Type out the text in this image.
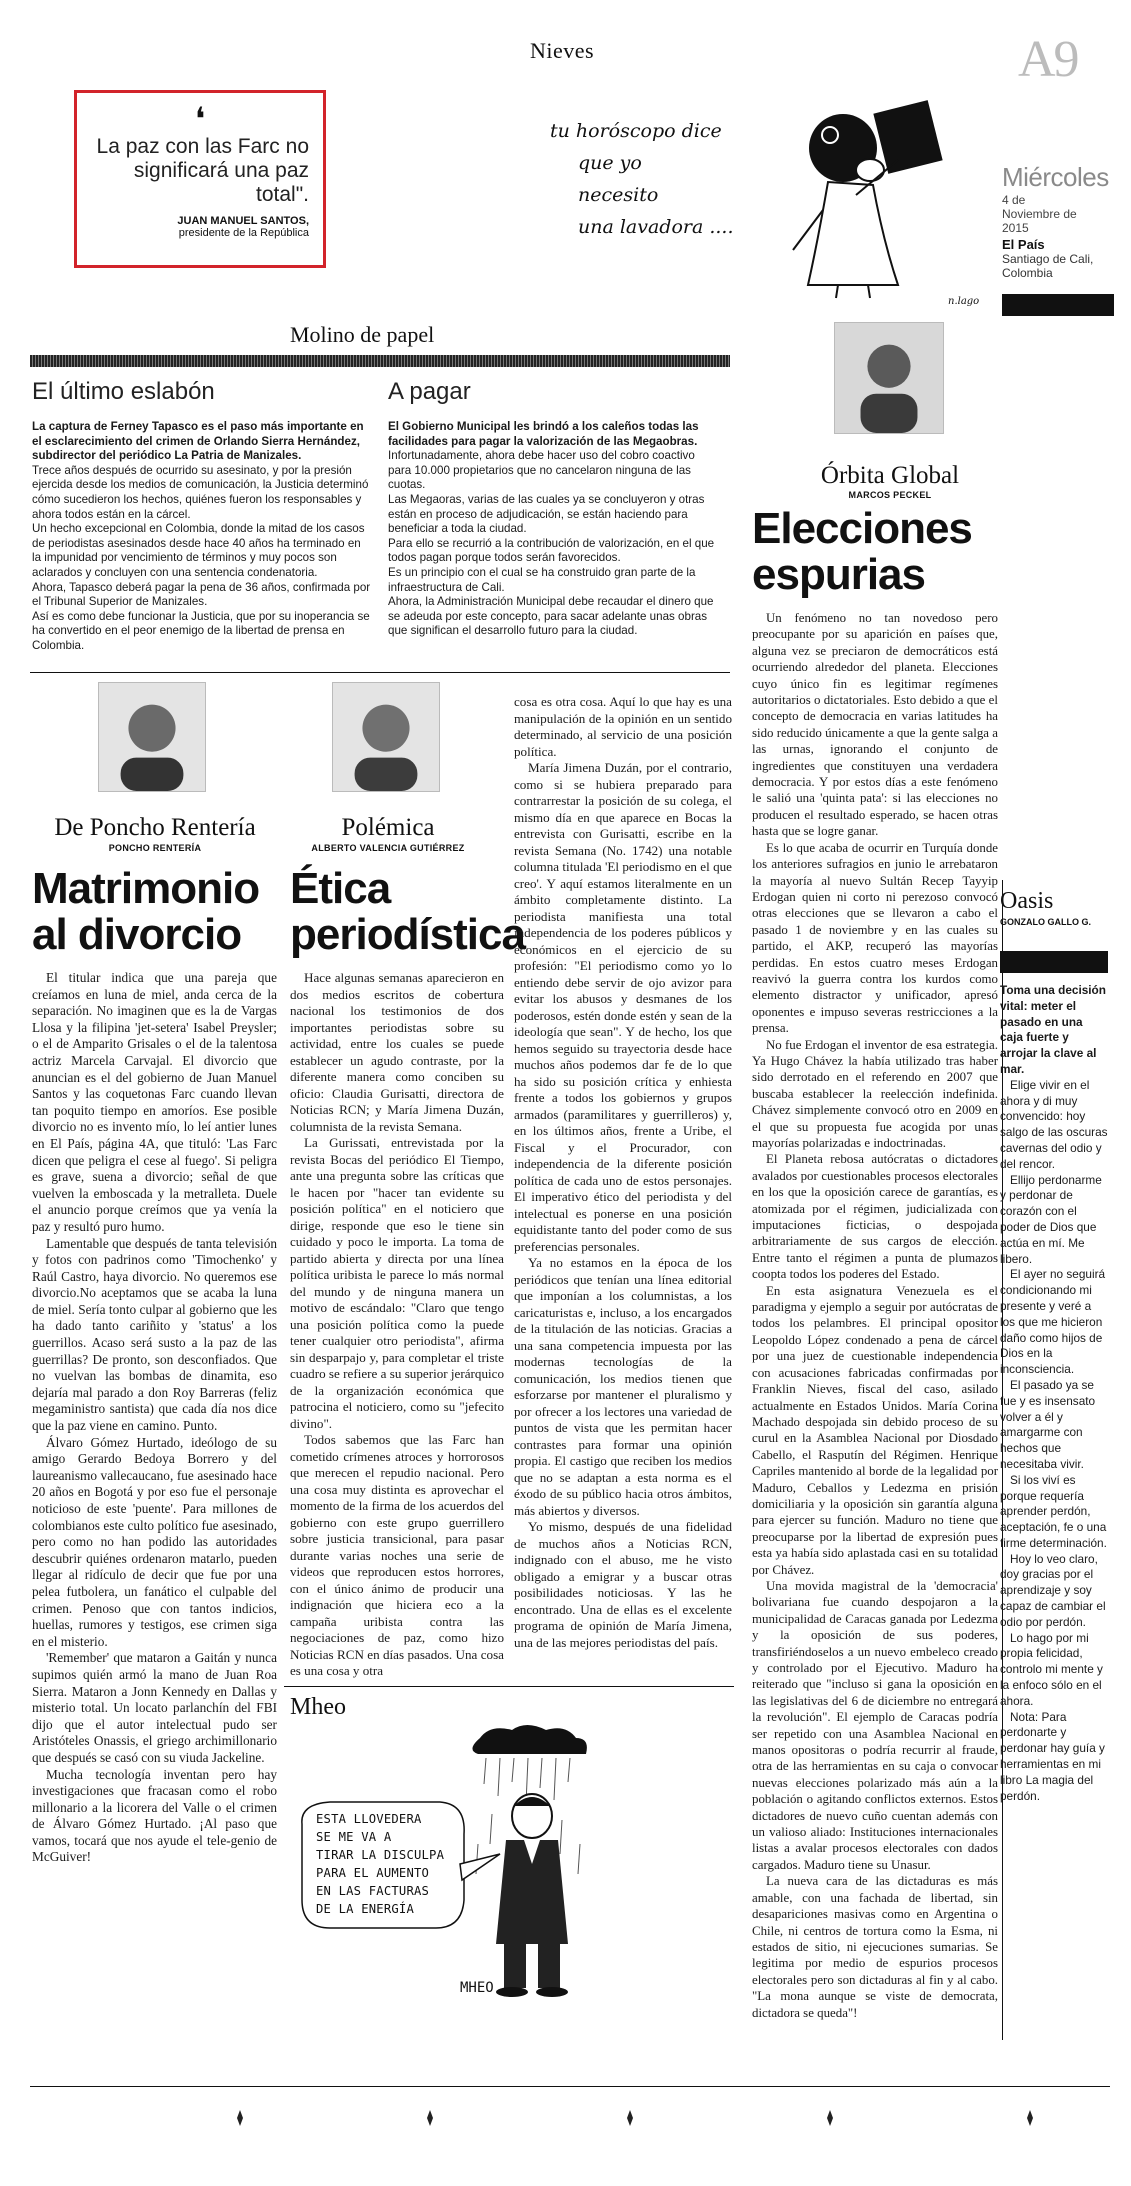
Nieves	A9
Miércoles
4 de Noviembre de 2015
El País
Santiago de Cali, Colombia
❛
La paz con las Farc no significará una paz total".
JUAN MANUEL SANTOS,
presidente de la República
tu horóscopo dice
que yo
necesito
una lavadora ....
n.lago
Molino de papel
El último eslabón

La captura de Ferney Tapasco es el paso más importante en el esclarecimiento del crimen de Orlando Sierra Hernández, subdirector del periódico La Patria de Manizales.

Trece años después de ocurrido su asesinato, y por la presión ejercida desde los medios de comunicación, la Justicia determinó cómo sucedieron los hechos, quiénes fueron los responsables y ahora todos están en la cárcel.

Un hecho excepcional en Colombia, donde la mitad de los casos de periodistas asesinados desde hace 40 años ha terminado en la impunidad por vencimiento de términos y muy pocos son aclarados y concluyen con una sentencia condenatoria.

Ahora, Tapasco deberá pagar la pena de 36 años, confirmada por el Tribunal Superior de Manizales.

Así es como debe funcionar la Justicia, que por su inoperancia se ha convertido en el peor enemigo de la libertad de prensa en Colombia.

A pagar

El Gobierno Municipal les brindó a los caleños todas las facilidades para pagar la valorización de las Megaobras.

Infortunadamente, ahora debe hacer uso del cobro coactivo para 10.000 propietarios que no cancelaron ninguna de las cuotas.

Las Megaoras, varias de las cuales ya se concluyeron y otras están en proceso de adjudicación, se están haciendo para beneficiar a toda la ciudad.

Para ello se recurrió a la contribución de valorización, en el que todos pagan porque todos serán favorecidos.

Es un principio con el cual se ha construido gran parte de la infraestructura de Cali.

Ahora, la Administración Municipal debe recaudar el dinero que se adeuda por este concepto, para sacar adelante unas obras que significan el desarrollo futuro para la ciudad.

Órbita Global
MARCOS PECKEL
Elecciones
espurias

Un fenómeno no tan novedoso pero preocupante por su aparición en países que, alguna vez se preciaron de democráticos está ocurriendo alrededor del planeta. Elecciones cuyo único fin es legitimar regímenes autoritarios o dictatoriales. Esto debido a que el concepto de democracia en varias latitudes ha sido reducido únicamente a que la gente salga a las urnas, ignorando el conjunto de ingredientes que constituyen una verdadera democracia. Y por estos días a este fenómeno le salió una 'quinta pata': si las elecciones no producen el resultado esperado, se hacen otras hasta que se logre ganar.

Es lo que acaba de ocurrir en Turquía donde los anteriores sufragios en junio le arrebataron la mayoría al nuevo Sultán Recep Tayyip Erdogan quien ni corto ni perezoso convocó otras elecciones que se llevaron a cabo el pasado 1 de noviembre y en las cuales su partido, el AKP, recuperó las mayorías perdidas. En estos cuatro meses Erdogan reavivó la guerra contra los kurdos como elemento distractor y unificador, apresó oponentes e impuso severas restricciones a la prensa.

No fue Erdogan el inventor de esa estrategia. Ya Hugo Chávez la había utilizado tras haber sido derrotado en el referendo en 2007 que buscaba establecer la reelección indefinida. Chávez simplemente convocó otro en 2009 en el que su propuesta fue acogida por unas mayorías polarizadas e indoctrinadas.

El Planeta rebosa autócratas o dictadores avalados por cuestionables procesos electorales en los que la oposición carece de garantías, es atomizada por el régimen, judicializada con imputaciones ficticias, o despojada arbitrariamente de sus cargos de elección. Entre tanto el régimen a punta de plumazos coopta todos los poderes del Estado.

En esta asignatura Venezuela es el paradigma y ejemplo a seguir por autócratas de todos los pelambres. El principal opositor Leopoldo López condenado a pena de cárcel por una juez de cuestionable independencia con acusaciones fabricadas confirmadas por Franklin Nieves, fiscal del caso, asilado actualmente en Estados Unidos. María Corina Machado despojada sin debido proceso de su curul en la Asamblea Nacional por Diosdado Cabello, el Rasputín del Régimen. Henrique Capriles mantenido al borde de la legalidad por Maduro, Ceballos y Ledezma en prisión domiciliaria y la oposición sin garantía alguna para ejercer su función. Maduro no tiene que preocuparse por la libertad de expresión pues esta ya había sido aplastada casi en su totalidad por Chávez.

Una movida magistral de la 'democracia' bolivariana fue cuando despojaron a la municipalidad de Caracas ganada por Ledezma y la oposición de sus poderes, transfiriéndoselos a un nuevo embeleco creado y controlado por el Ejecutivo. Maduro ha reiterado que "incluso si gana la oposición en las legislativas del 6 de diciembre no entregará la revolución". El ejemplo de Caracas podría ser repetido con una Asamblea Nacional en manos opositoras o podría recurrir al fraude, otra de las herramientas en su caja o convocar nuevas elecciones polarizado más aún a la población o agitando conflictos externos. Estos dictadores de nuevo cuño cuentan además con un valioso aliado: Instituciones internacionales listas a avalar procesos electorales con dados cargados. Maduro tiene su Unasur.

La nueva cara de las dictaduras es más amable, con una fachada de libertad, sin desapariciones masivas como en Argentina o Chile, ni centros de tortura como la Esma, ni estados de sitio, ni ejecuciones sumarias. Se legitima por medio de espurios procesos electorales pero son dictaduras al fin y al cabo. "La mona aunque se viste de democrata, dictadora se queda"!

Oasis
GONZALO GALLO G.

Toma una decisión vital: meter el pasado en una caja fuerte y arrojar la clave al mar.

Elige vivir en el ahora y di muy convencido: hoy salgo de las oscuras cavernas del odio y del rencor.

Ellijo perdonarme y perdonar de corazón con el poder de Dios que actúa en mí. Me libero.

El ayer no seguirá condicionando mi presente y veré a los que me hicieron daño como hijos de Dios en la inconsciencia.

El pasado ya se fue y es insensato volver a él y amargarme con hechos que necesitaba vivir.

Si los viví es porque requería aprender perdón, aceptación, fe o una firme determinación.

Hoy lo veo claro, doy gracias por el aprendizaje y soy capaz de cambiar el odio por perdón.

Lo hago por mi propia felicidad, controlo mi mente y la enfoco sólo en el ahora.

Nota: Para perdonarte y perdonar hay guía y herramientas en mi libro La magia del perdón.

De Poncho Rentería
PONCHO RENTERÍA
Matrimonio
al divorcio

El titular indica que una pareja que creíamos en luna de miel, anda cerca de la separación. No imaginen que es la de Vargas Llosa y la filipina 'jet-setera' Isabel Preysler; o el de Amparito Grisales o el de la talentosa actriz Marcela Carvajal. El divorcio que anuncian es el del gobierno de Juan Manuel Santos y las coquetonas Farc cuando llevan tan poquito tiempo en amoríos. Ese posible divorcio no es invento mío, lo leí antier lunes en El País, página 4A, que tituló: 'Las Farc dicen que peligra el cese al fuego'. Si peligra es grave, suena a divorcio; señal de que vuelven la emboscada y la metralleta. Duele el anuncio porque creímos que ya venía la paz y resultó puro humo.

Lamentable que después de tanta televisión y fotos con padrinos como 'Timochenko' y Raúl Castro, haya divorcio. No queremos ese divorcio.No aceptamos que se acaba la luna de miel. Sería tonto culpar al gobierno que les ha dado tanto cariñito y 'status' a los guerrillos. Acaso será susto a la paz de las guerrillas? De pronto, son desconfiados. Que no vuelvan las bombas de dinamita, eso dejaría mal parado a don Roy Barreras (feliz megaministro santista) que cada día nos dice que la paz viene en camino. Punto.

Álvaro Gómez Hurtado, ideólogo de su amigo Gerardo Bedoya Borrero y del laureanismo vallecaucano, fue asesinado hace 20 años en Bogotá y por eso fue el personaje noticioso de este 'puente'. Para millones de colombianos este culto político fue asesinado, pero como no han podido las autoridades descubrir quiénes ordenaron matarlo, pueden llegar al ridículo de decir que fue por una pelea futbolera, un fanático el culpable del crimen. Penoso que con tantos indicios, huellas, rumores y testigos, ese crimen siga en el misterio.

'Remember' que mataron a Gaitán y nunca supimos quién armó la mano de Juan Roa Sierra. Mataron a Jonn Kennedy en Dallas y misterio total. Un locato parlanchín del FBI dijo que el autor intelectual pudo ser Aristóteles Onassis, el griego archimillonario que después se casó con su viuda Jackeline.

Mucha tecnología inventan pero hay investigaciones que fracasan como el robo millonario a la licorera del Valle o el crimen de Álvaro Gómez Hurtado. ¡Al paso que vamos, tocará que nos ayude el tele-genio de McGuiver!

Polémica
ALBERTO VALENCIA GUTIÉRREZ
Ética
periodística

Hace algunas semanas aparecieron en dos medios escritos de cobertura nacional los testimonios de dos importantes periodistas sobre su actividad, entre los cuales se puede establecer un agudo contraste, por la diferente manera como conciben su oficio: Claudia Gurisatti, directora de Noticias RCN; y María Jimena Duzán, columnista de la revista Semana.

La Gurissati, entrevistada por la revista Bocas del periódico El Tiempo, ante una pregunta sobre las críticas que le hacen por "hacer tan evidente su posición política" en el noticiero que dirige, responde que eso le tiene sin cuidado y poco le importa. La toma de partido abierta y directa por una línea política uribista le parece lo más normal del mundo y de ninguna manera un motivo de escándalo: "Claro que tengo una posición política como la puede tener cualquier otro periodista", afirma sin desparpajo y, para completar el triste cuadro se refiere a su superior jerárquico de la organización económica que patrocina el noticiero, como su "jefecito divino".

Todos sabemos que las Farc han cometido crímenes atroces y horrorosos que merecen el repudio nacional. Pero una cosa muy distinta es aprovechar el momento de la firma de los acuerdos del gobierno con este grupo guerrillero sobre justicia transicional, para pasar durante varias noches una serie de videos que reproducen estos horrores, con el único ánimo de producir una indignación que hiciera eco a la campaña uribista contra las negociaciones de paz, como hizo Noticias RCN en días pasados. Una cosa es una cosa y otra

cosa es otra cosa. Aquí lo que hay es una manipulación de la opinión en un sentido determinado, al servicio de una posición política.

María Jimena Duzán, por el contrario, como si se hubiera preparado para contrarrestar la posición de su colega, el mismo día en que aparece en Bocas la entrevista con Gurisatti, escribe en la revista Semana (No. 1742) una notable columna titulada 'El periodismo en el que creo'. Y aquí estamos literalmente en un ámbito completamente distinto. La periodista manifiesta una total independencia de los poderes públicos y económicos en el ejercicio de su profesión: "El periodismo como yo lo entiendo debe servir de ojo avizor para evitar los abusos y desmanes de los poderosos, estén donde estén y sean de la ideología que sean". Y de hecho, los que hemos seguido su trayectoria desde hace muchos años podemos dar fe de lo que ha sido su posición crítica y enhiesta frente a todos los gobiernos y grupos armados (paramilitares y guerrilleros) y, en los últimos años, frente a Uribe, el Fiscal y el Procurador, con independencia de la diferente posición política de cada uno de estos personajes. El imperativo ético del periodista y del intelectual es ponerse en una posición equidistante tanto del poder como de sus preferencias personales.

Ya no estamos en la época de los periódicos que tenían una línea editorial que imponían a los columnistas, a los caricaturistas e, incluso, a los encargados de la titulación de las noticias. Gracias a una sana competencia impuesta por las modernas tecnologías de la comunicación, los medios tienen que esforzarse por mantener el pluralismo y por ofrecer a los lectores una variedad de puntos de vista que les permitan hacer contrastes para formar una opinión propia. El castigo que reciben los medios que no se adaptan a esta norma es el éxodo de su público hacia otros ámbitos, más abiertos y diversos.

Yo mismo, después de una fidelidad de muchos años a Noticias RCN, indignado con el abuso, me he visto obligado a emigrar y a buscar otras posibilidades noticiosas. Y las he encontrado. Una de ellas es el excelente programa de opinión de María Jimena, una de las mejores periodistas del país.

Mheo
ESTA LLOVEDERA
SE ME VA A
TIRAR LA DISCULPA
PARA EL AUMENTO
EN LAS FACTURAS
DE LA ENERGÍA
MHEO
